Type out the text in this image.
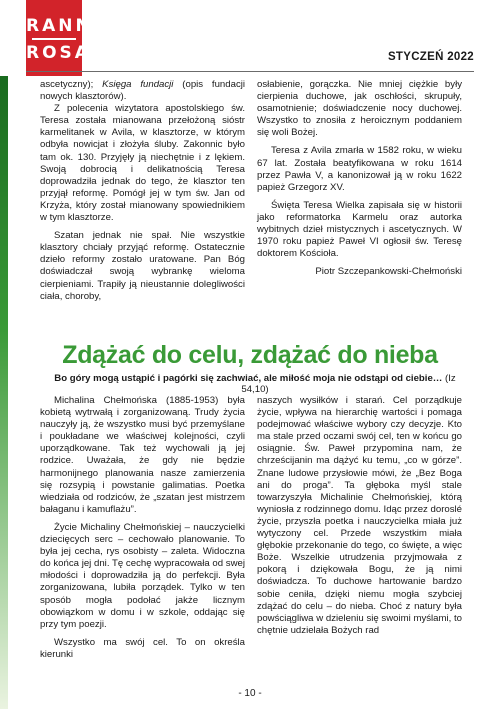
RANNA
ROSA	STYCZEŃ 2022

ascetyczny); Księga fundacji (opis fundacji nowych klasztorów).

Z polecenia wizytatora apostolskiego św. Teresa została mianowana przełożoną sióstr karmelitanek w Avila, w klasztorze, w którym odbyła nowicjat i złożyła śluby. Zakonnic było tam ok. 130. Przyjęły ją niechętnie i z lękiem. Swoją dobrocią i delikatnością Teresa doprowadziła jednak do tego, że klasztor ten przyjął reformę. Pomógł jej w tym św. Jan od Krzyża, który został mianowany spowiednikiem w tym klasztorze.

Szatan jednak nie spał. Nie wszystkie klasztory chciały przyjąć reformę. Ostatecznie dzieło reformy zostało uratowane. Pan Bóg doświadczał swoją wybrankę wieloma cierpieniami. Trapiły ją nieustannie dolegliwości ciała, choroby,

osłabienie, gorączka. Nie mniej ciężkie były cierpienia duchowe, jak oschłości, skrupuły, osamotnienie; doświadczenie nocy duchowej. Wszystko to znosiła z heroicznym poddaniem się woli Bożej.

Teresa z Avila zmarła w 1582 roku, w wieku 67 lat. Została beatyfikowana w roku 1614 przez Pawła V, a kanonizował ją w roku 1622 papież Grzegorz XV.

Święta Teresa Wielka zapisała się w historii jako reformatorka Karmelu oraz autorka wybitnych dzieł mistycznych i ascetycznych. W 1970 roku papież Paweł VI ogłosił św. Teresę doktorem Kościoła.

Piotr Szczepankowski-Chełmoński

Zdążać do celu, zdążać do nieba
Bo góry mogą ustąpić i pagórki się zachwiać, ale miłość moja nie odstąpi od ciebie… (Iz 54,10)

Michalina Chełmońska (1885-1953) była kobietą wytrwałą i zorganizowaną. Trudy życia nauczyły ją, że wszystko musi być przemyślane i poukładane we właściwej kolejności, czyli uporządkowane. Tak też wychowali ją jej rodzice. Uważała, że gdy nie będzie harmonijnego planowania nasze zamierzenia się rozsypią i powstanie galimatias. Poetka wiedziała od rodziców, że „szatan jest mistrzem bałaganu i kamuflażu”.

Życie Michaliny Chełmońskiej – nauczycielki dziecięcych serc – cechowało planowanie. To była jej cecha, rys osobisty – zaleta. Widoczna do końca jej dni. Tę cechę wypracowała od swej młodości i doprowadziła ją do perfekcji. Była zorganizowana, lubiła porządek. Tylko w ten sposób mogła podołać jakże licznym obowiązkom w domu i w szkole, oddając się przy tym poezji.

Wszystko ma swój cel. To on określa kierunki

naszych wysiłków i starań. Cel porządkuje życie, wpływa na hierarchię wartości i pomaga podejmować właściwe wybory czy decyzje. Kto ma stale przed oczami swój cel, ten w końcu go osiągnie. Św. Paweł przypomina nam, że chrześcijanin ma dążyć ku temu, „co w górze”. Znane ludowe przysłowie mówi, że „Bez Boga ani do proga”. Ta głęboka myśl stale towarzyszyła Michalinie Chełmońskiej, którą wyniosła z rodzinnego domu. Idąc przez doroslé życie, przyszła poetka i nauczycielka miała już wytyczony cel. Przede wszystkim miała głębokie przekonanie do tego, co święte, a więc Boże. Wszelkie utrudzenia przyjmowała z pokorą i dziękowała Bogu, że ją nimi doświadcza. To duchowe hartowanie bardzo sobie ceniła, dzięki niemu mogła szybciej zdążać do celu – do nieba. Choć z natury była powściągliwa w dzieleniu się swoimi myślami, to chętnie udzielała Bożych rad

- 10 -
